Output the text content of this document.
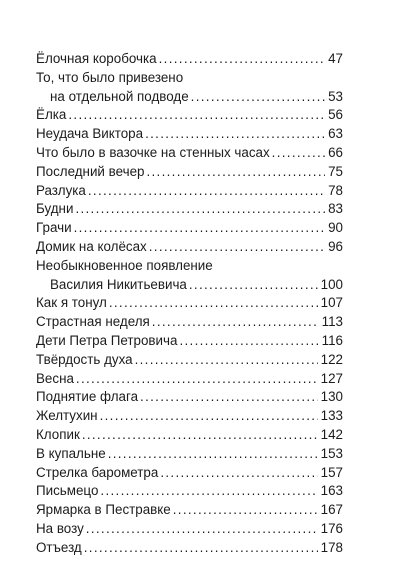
Ёлочная коробочка . . .	47
То, что было привезено
на отдельной подводе . . .	53
Ёлка . . .	56
Неудача Виктора . . .	63
Что было в вазочке на стенных часах . . .	66
Последний вечер . . .	75
Разлука . . .	78
Будни . . .	83
Грачи . . .	90
Домик на колёсах . . .	96
Необыкновенное появление
Василия Никитьевича . . .	100
Как я тонул . . .	107
Страстная неделя . . .	113
Дети Петра Петровича . . .	116
Твёрдость духа . . .	122
Весна . . .	127
Поднятие флага . . .	130
Желтухин . . .	133
Клопик . . .	142
В купальне . . .	153
Стрелка барометра . . .	157
Письмецо . . .	163
Ярмарка в Пестравке . . .	167
На возу . . .	176
Отъезд . . .	178
